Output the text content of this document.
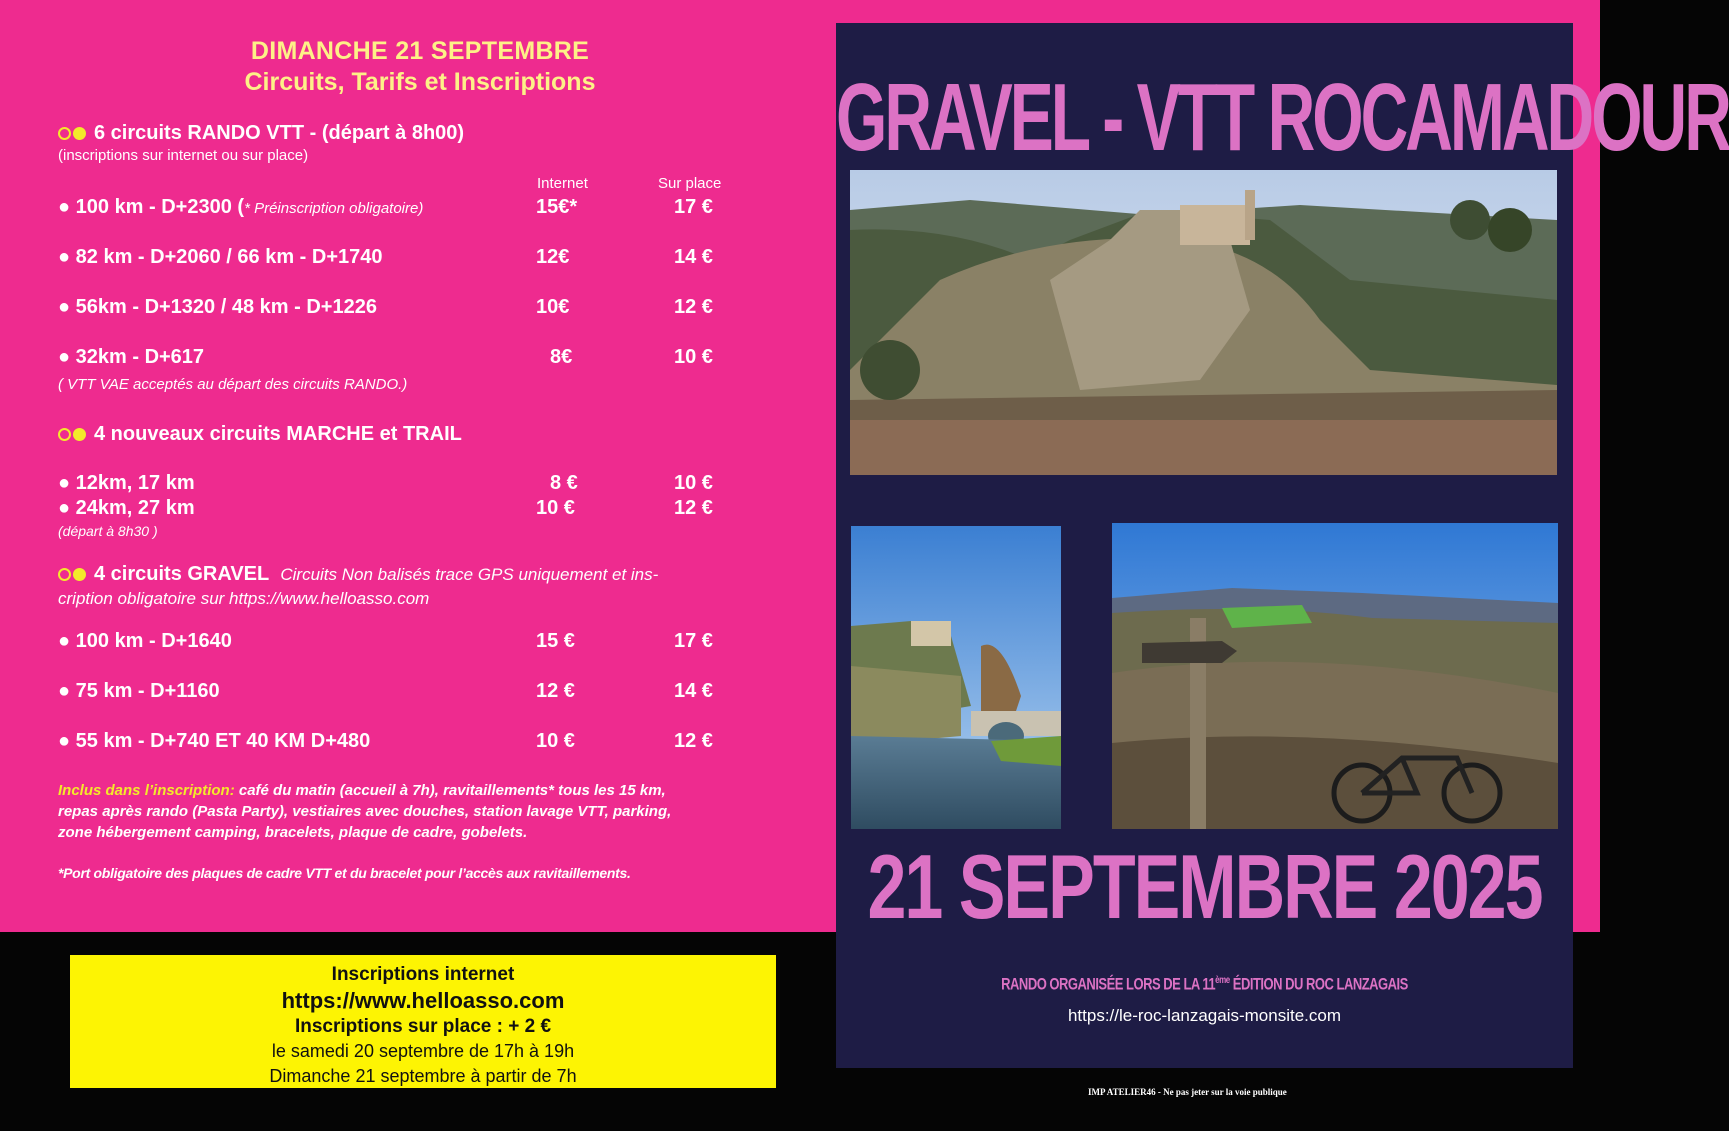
DIMANCHE 21 SEPTEMBRE
Circuits, Tarifs et Inscriptions
6 circuits RANDO VTT - (départ à 8h00)
(inscriptions sur internet ou sur place)
Internet	Sur place
● 100 km - D+2300 (* Préinscription obligatoire)	15€*	17 €
● 82 km - D+2060 / 66 km - D+1740	12€	14 €
● 56km - D+1320 / 48 km - D+1226	10€	12 €
● 32km - D+617	8€	10 €
( VTT VAE acceptés au départ des circuits RANDO.)
4 nouveaux circuits MARCHE et TRAIL
● 12km, 17 km	8 €	10 €
● 24km, 27 km	10 €	12 €
(départ à 8h30 )
4 circuits GRAVEL Circuits Non balisés trace GPS uniquement et ins-
cription obligatoire sur https://www.helloasso.com
● 100 km - D+1640	15 €	17 €
● 75 km - D+1160	12 €	14 €
● 55 km - D+740 ET 40 KM D+480	10 €	12 €
Inclus dans l’inscription: café du matin (accueil à 7h), ravitaillements* tous les 15 km,
repas après rando (Pasta Party), vestiaires avec douches, station lavage VTT, parking,
zone hébergement camping, bracelets, plaque de cadre, gobelets.
*Port obligatoire des plaques de cadre VTT et du bracelet pour l’accès aux ravitaillements.
Inscriptions internet
https://www.helloasso.com
Inscriptions sur place : + 2 €
le samedi 20 septembre de 17h à 19h
Dimanche 21 septembre à partir de 7h
GRAVEL - VTT ROCAMADOUR
21 SEPTEMBRE 2025
RANDO ORGANISÉE LORS DE LA 11ème ÉDITION DU ROC LANZAGAIS
https://le-roc-lanzagais-monsite.com
IMP ATELIER46 - Ne pas jeter sur la voie publique
